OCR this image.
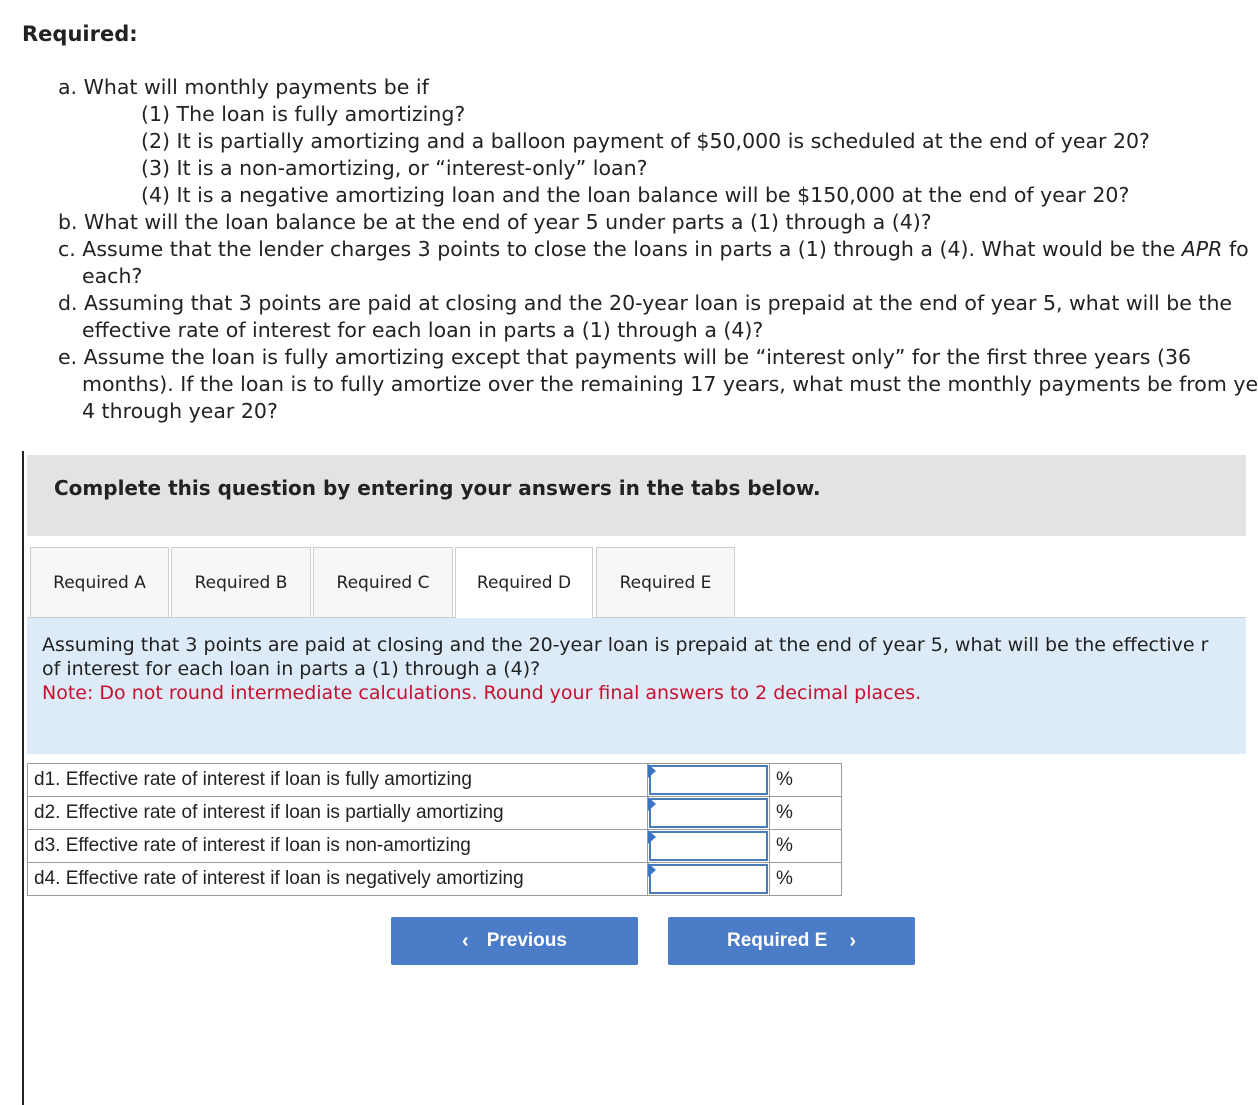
Required:
a. What will monthly payments be if
(1) The loan is fully amortizing?
(2) It is partially amortizing and a balloon payment of $50,000 is scheduled at the end of year 20?
(3) It is a non-amortizing, or “interest-only” loan?
(4) It is a negative amortizing loan and the loan balance will be $150,000 at the end of year 20?
b. What will the loan balance be at the end of year 5 under parts a (1) through a (4)?
c. Assume that the lender charges 3 points to close the loans in parts a (1) through a (4). What would be the APR fo
each?
d. Assuming that 3 points are paid at closing and the 20-year loan is prepaid at the end of year 5, what will be the
effective rate of interest for each loan in parts a (1) through a (4)?
e. Assume the loan is fully amortizing except that payments will be “interest only” for the first three years (36
months). If the loan is to fully amortize over the remaining 17 years, what must the monthly payments be from ye
4 through year 20?
Complete this question by entering your answers in the tabs below.
Required A	Required B	Required C	Required D	Required E
Assuming that 3 points are paid at closing and the 20-year loan is prepaid at the end of year 5, what will be the effective r
of interest for each loan in parts a (1) through a (4)?
Note: Do not round intermediate calculations. Round your final answers to 2 decimal places.
d1. Effective rate of interest if loan is fully amortizing		%
d2. Effective rate of interest if loan is partially amortizing		%
d3. Effective rate of interest if loan is non-amortizing		%
d4. Effective rate of interest if loan is negatively amortizing		%
‹ Previous	Required E ›
